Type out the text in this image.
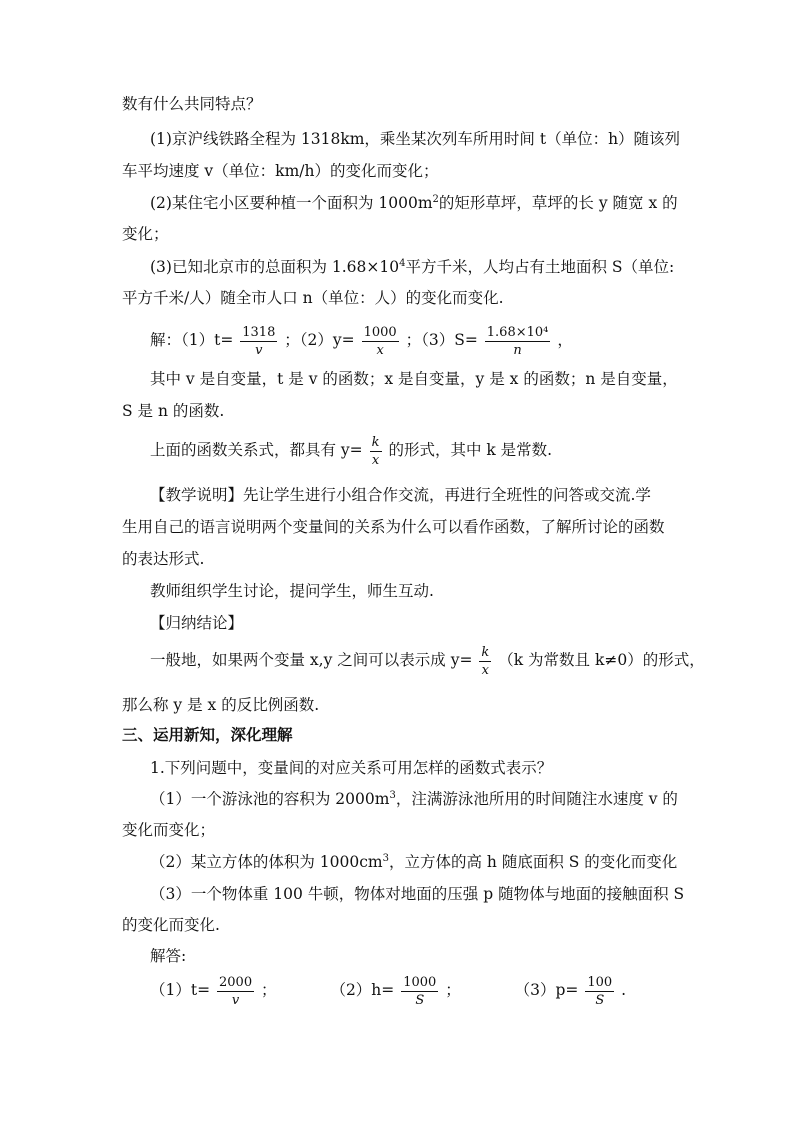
数有什么共同特点？
(1)京沪线铁路全程为 1318km，乘坐某次列车所用时间 t（单位：h）随该列
车平均速度 v（单位：km/h）的变化而变化；
(2)某住宅小区要种植一个面积为 $1000m^2$的矩形草坪，草坪的长 y 随宽 x 的
变化；
(3)已知北京市的总面积为 $1.68\times 10^4$平方千米，人均占有土地面积 S（单位:
平方千米/人）随全市人口 n（单位：人）的变化而变化.
解：$(1)t= \frac{1318}{v}$ ；$(2)y= \frac{1000}{x}$ ；$(3)S= \frac{\text{1.68×10⁴}}{n}$ ，
其中 v 是自变量，t 是 v 的函数；x 是自变量，y 是 x 的函数；n 是自变量，
S 是 n 的函数.
上面的函数关系式，都具有 $y= \frac{k}{x}$ 的形式，其中 k 是常数.
【教学说明】先让学生进行小组合作交流，再进行全班性的问答或交流.学
生用自己的语言说明两个变量间的关系为什么可以看作函数，了解所讨论的函数
的表达形式.
教师组织学生讨论，提问学生，师生互动.
【归纳结论】
一般地，如果两个变量 x,y 之间可以表示成 $y= \frac{k}{x} (k$ 为常数且 k≠0）的形式，
那么称 y 是 x 的反比例函数.
三、运用新知，深化理解
1.下列问题中，变量间的对应关系可用怎样的函数式表示？
（1）一个游泳池的容积为 $2000m^3$，注满游泳池所用的时间随注水速度 v 的
变化而变化；
（2）某立方体的体积为 $1000cm^3$，立方体的高 h 随底面积 S 的变化而变化
（3）一个物体重 100 牛顿，物体对地面的压强 p 随物体与地面的接触面积 S
的变化而变化.
解答:
$(1)t= \frac{2000}{v}$ ；	$(2)h= \frac{1000}{S}$ ；	$(3)p= \frac{100}{S}$ .
